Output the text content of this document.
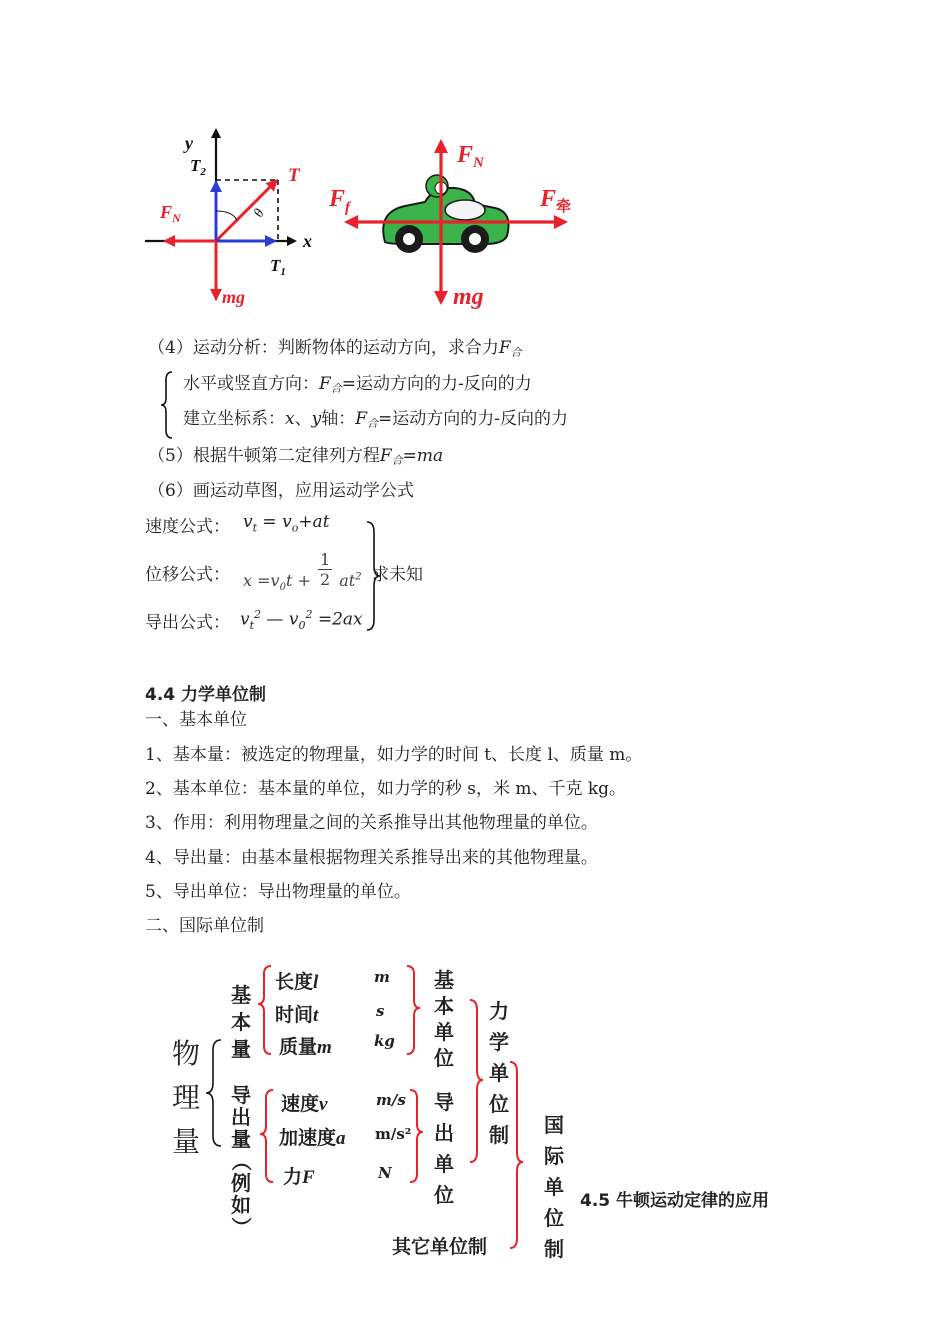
y
x
$T_2$	T
θ
$F_N$
$T_1$
mg
$F_N$
$F_f$	$F_牵$
mg
（4）运动分析：判断物体的运动方向，求合力$F_合$
水平或竖直方向：$F_合=$运动方向的力-反向的力
建立坐标系：x、y轴：$F_合=$运动方向的力-反向的力
（5）根据牛顿第二定律列方程$F_合=ma$
（6）画运动草图，应用运动学公式
速度公式： $v_t = v_o+at$
位移公式： $x =v_0t + \frac{1}{2} at^2$
导出公式： $v_t^2$ — $v_0^2 =2ax$
求未知
4.4 力学单位制
一、基本单位
1、基本量：被选定的物理量，如力学的时间 t、长度 l、质量 m。
2、基本单位：基本量的单位，如力学的秒 s，米 m、千克 kg。
3、作用：利用物理量之间的关系推导出其他物理量的单位。
4、导出量：由基本量根据物理关系推导出来的其他物理量。
5、导出单位：导出物理量的单位。
二、国际单位制
物
理
量
基
本
量
导
出
量
（
例
如
）
长度l	m
时间t	s
质量m	kg
速度v	m/s
加速度a m/s²
力F	N
基
本
单
位
导
出
单
位
力
学
单
位
制 国
际
单
位
制
其它单位制
4.5 牛顿运动定律的应用
